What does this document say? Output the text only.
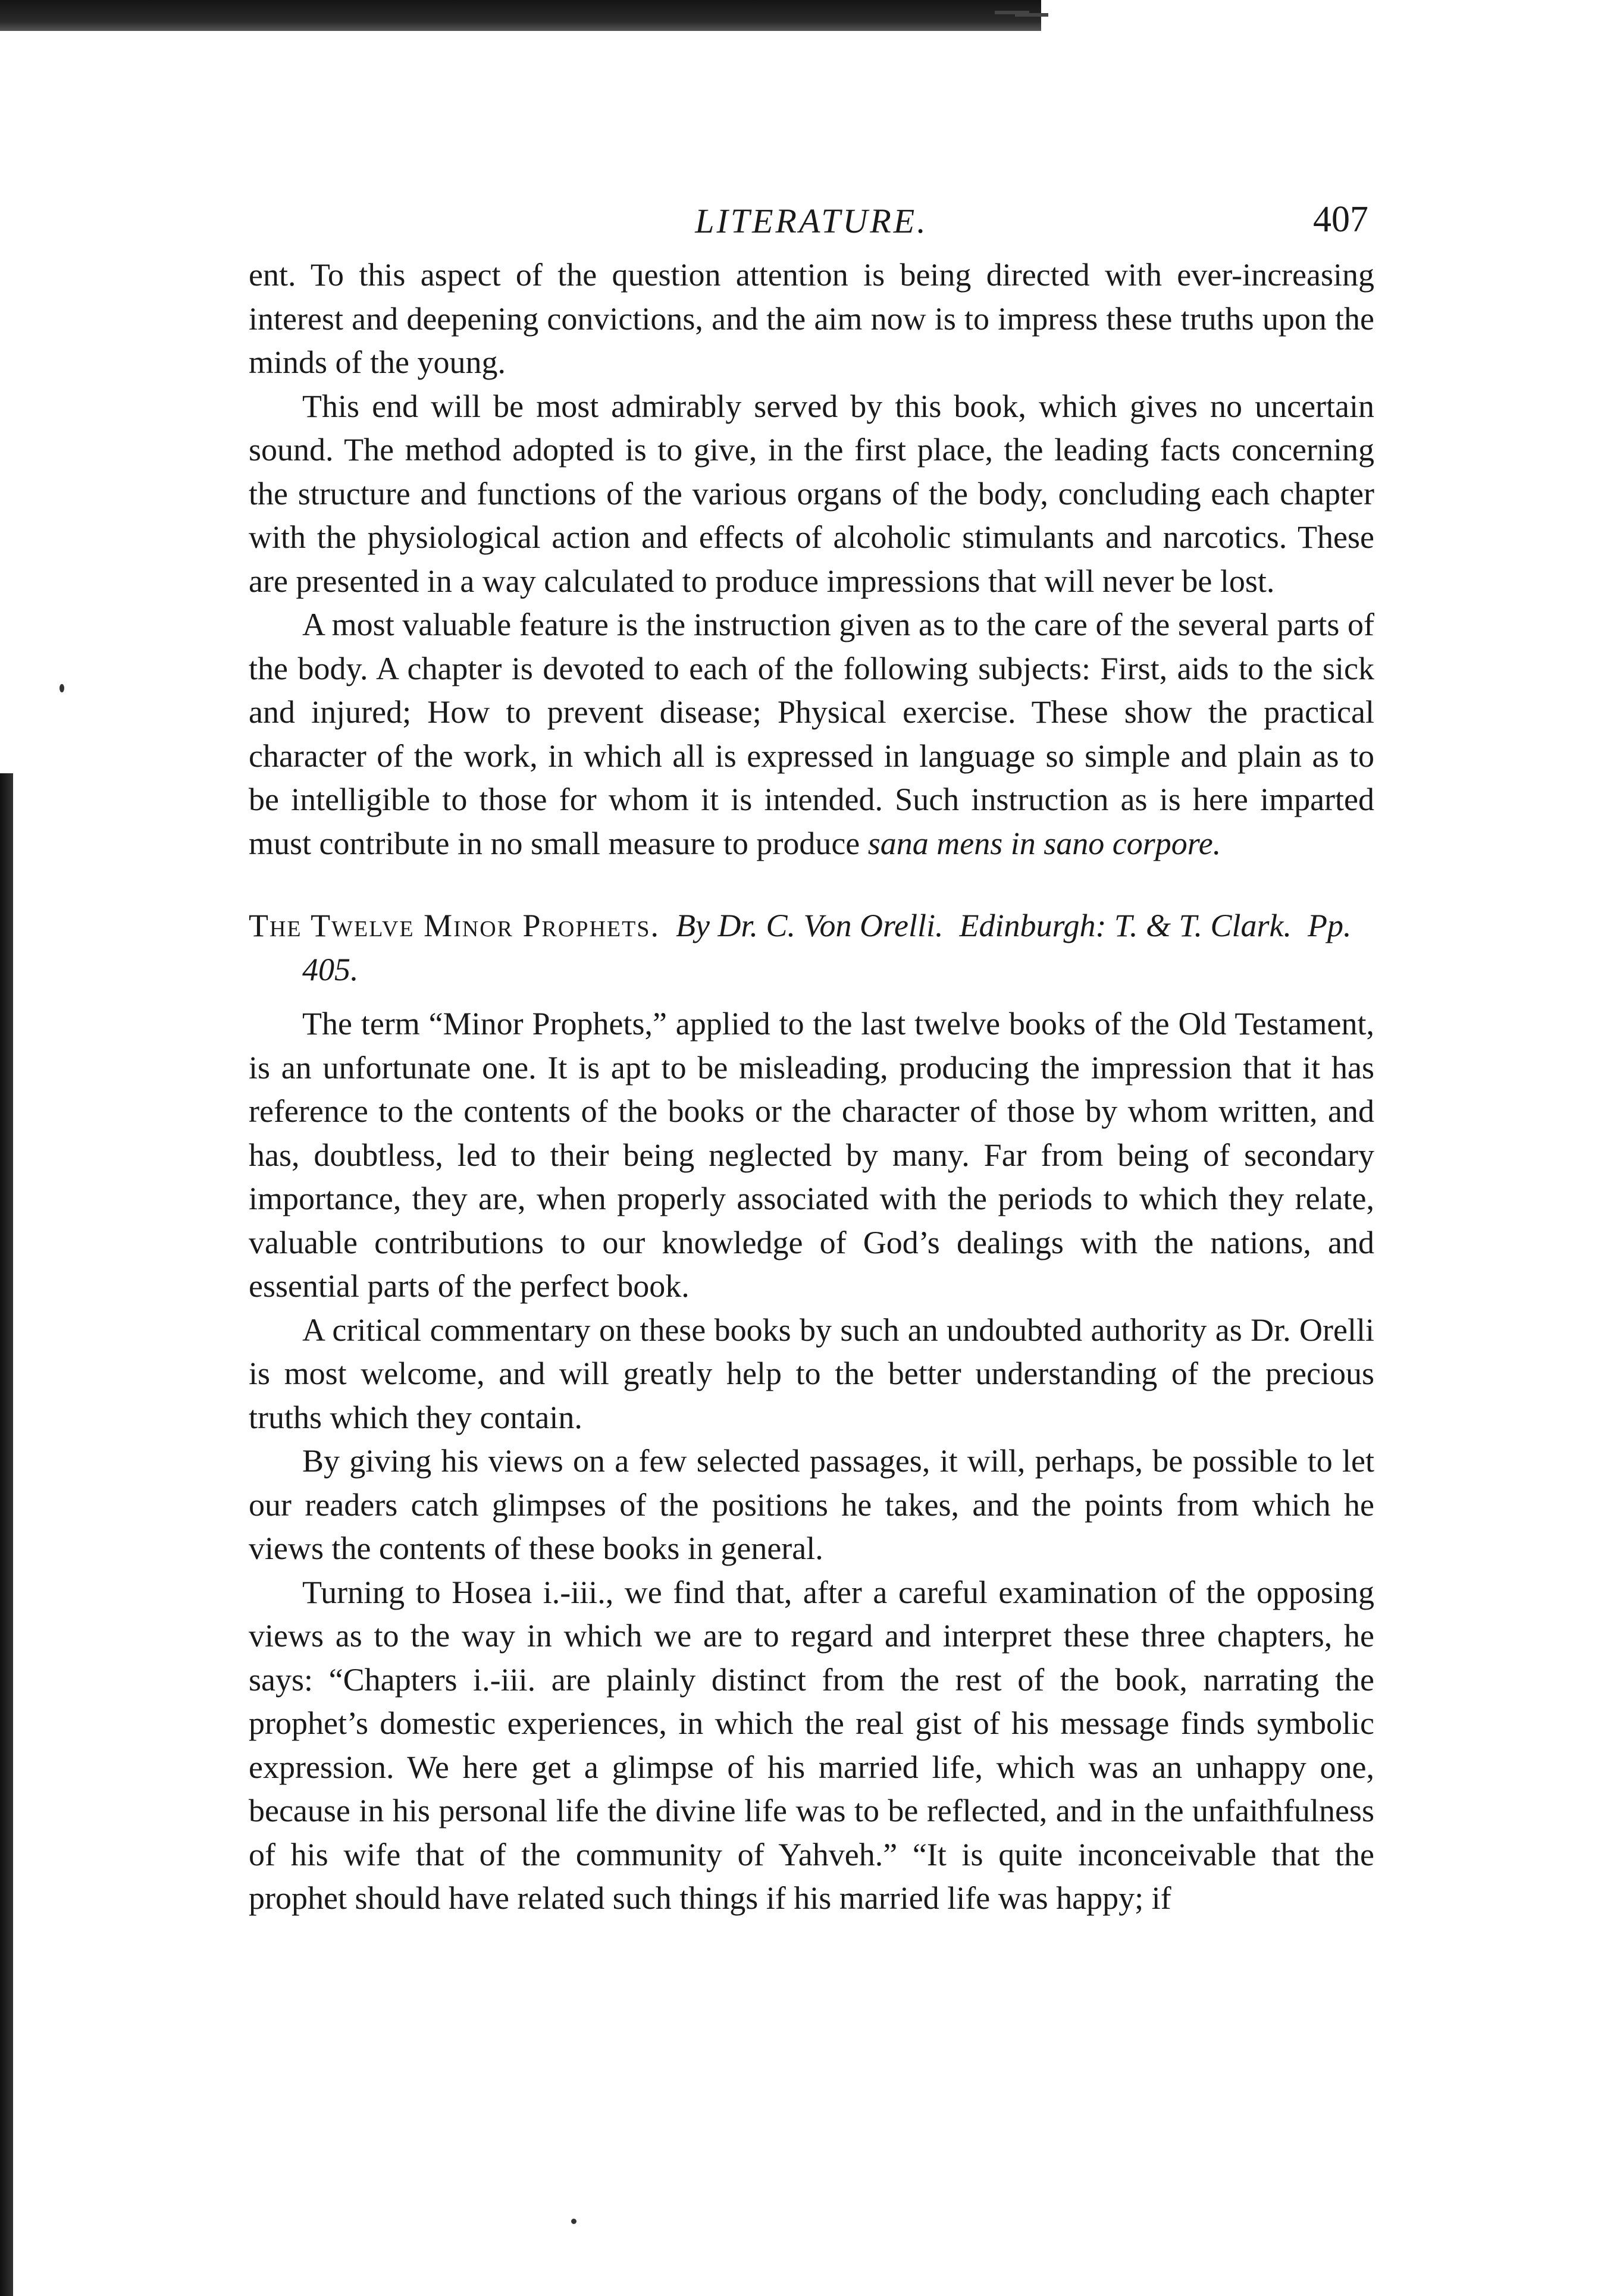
LITERATURE.	407

ent. To this aspect of the question attention is being directed with ever-increasing interest and deepening convictions, and the aim now is to impress these truths upon the minds of the young.

This end will be most admirably served by this book, which gives no uncertain sound. The method adopted is to give, in the first place, the leading facts concerning the structure and functions of the various organs of the body, concluding each chapter with the physiological action and effects of alcoholic stimulants and narcotics. These are presented in a way calculated to produce impressions that will never be lost.

A most valuable feature is the instruction given as to the care of the several parts of the body. A chapter is devoted to each of the following subjects: First, aids to the sick and injured; How to prevent disease; Physical exercise. These show the practical character of the work, in which all is expressed in language so simple and plain as to be intelligible to those for whom it is intended. Such instruction as is here imparted must contribute in no small measure to produce sana mens in sano corpore.

The Twelve Minor Prophets. By Dr. C. Von Orelli. Edinburgh: T. & T. Clark. Pp. 405.

The term “Minor Prophets,” applied to the last twelve books of the Old Testament, is an unfortunate one. It is apt to be misleading, producing the impression that it has reference to the contents of the books or the character of those by whom written, and has, doubtless, led to their being neglected by many. Far from being of secondary importance, they are, when properly associated with the periods to which they relate, valuable contributions to our knowledge of God’s dealings with the nations, and essential parts of the perfect book.

A critical commentary on these books by such an undoubted authority as Dr. Orelli is most welcome, and will greatly help to the better understanding of the precious truths which they contain.

By giving his views on a few selected passages, it will, perhaps, be possible to let our readers catch glimpses of the positions he takes, and the points from which he views the contents of these books in general.

Turning to Hosea i.-iii., we find that, after a careful examination of the opposing views as to the way in which we are to regard and interpret these three chapters, he says: “Chapters i.-iii. are plainly distinct from the rest of the book, narrating the prophet’s domestic experiences, in which the real gist of his message finds symbolic expression. We here get a glimpse of his married life, which was an unhappy one, because in his personal life the divine life was to be reflected, and in the unfaithfulness of his wife that of the community of Yahveh.” “It is quite inconceivable that the prophet should have related such things if his married life was happy; if
